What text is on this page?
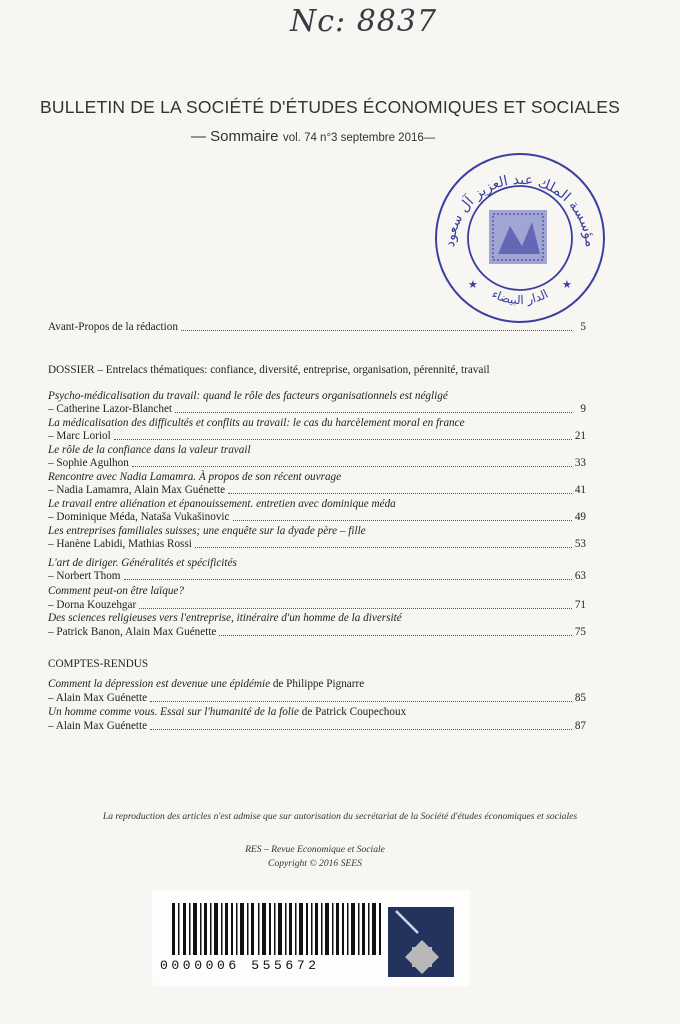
Nc: 8837
BULLETIN DE LA SOCIÉTÉ D'ÉTUDES ÉCONOMIQUES ET SOCIALES
— Sommaire vol. 74 n°3 septembre 2016—
مؤسسة الملك عبد العزيز آل سعود
الدار البيضاء
★	★
Avant-Propos de la rédaction	5
DOSSIER – Entrelacs thématiques: confiance, diversité, entreprise, organisation, pérennité, travail
Psycho-médicalisation du travail: quand le rôle des facteurs organisationnels est négligé
– Catherine Lazor-Blanchet	9
La médicalisation des difficultés et conflits au travail: le cas du harcèlement moral en france
– Marc Loriol	21
Le rôle de la confiance dans la valeur travail
– Sophie Agulhon	33
Rencontre avec Nadia Lamamra. À propos de son récent ouvrage
– Nadia Lamamra, Alain Max Guénette	41
Le travail entre aliénation et épanouissement. entretien avec dominique méda
– Dominique Méda, Nataša Vukašinovic	49
Les entreprises familiales suisses; une enquête sur la dyade père – fille
– Hanène Labidi, Mathias Rossi	53
L'art de diriger. Généralités et spécificités
– Norbert Thom	63
Comment peut-on être laïque?
– Dorna Kouzehgar	71
Des sciences religieuses vers l'entreprise, itinéraire d'un homme de la diversité
– Patrick Banon, Alain Max Guénette	75
COMPTES-RENDUS
Comment la dépression est devenue une épidémie de Philippe Pignarre
– Alain Max Guénette	85
Un homme comme vous. Essai sur l'humanité de la folie de Patrick Coupechoux
– Alain Max Guénette	87
La reproduction des articles n'est admise que sur autorisation du secrétariat de la Société d'études économiques et sociales
RES – Revue Economique et Sociale
Copyright © 2016 SEES
0000006 555672
